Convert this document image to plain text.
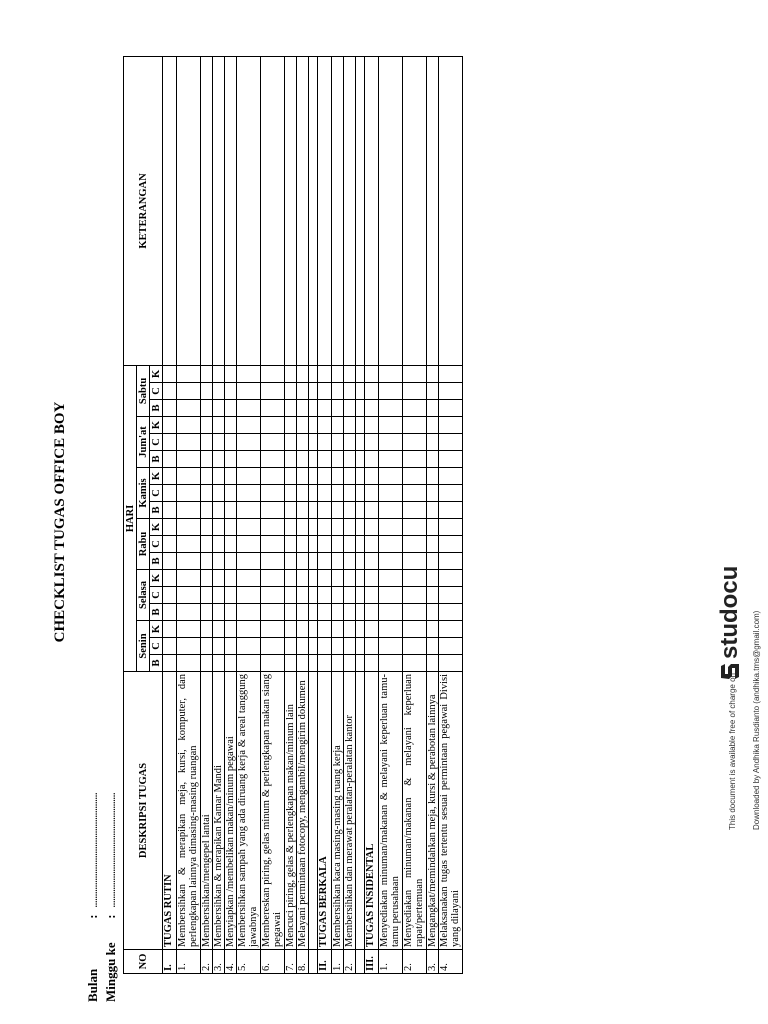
CHECKLIST TUGAS OFFICE BOY
Bulan :  ...................................................
Minggu ke :  ...................................................
NO	DESKRIPSI TUGAS	HARI																		KETERANGAN
		Senin			Selasa			Rabu			Kamis			Jum'at			Sabtu			
		B	C	K	B	C	K	B	C	K	B	C	K	B	C	K	B	C	K	
I.	TUGAS RUTIN																			
1.	Membersihkan & merapikan meja, kursi, komputer, dan perlengkapan lainnya dimasing-masing ruangan																			
2.	Membersihkan/mengepel lantai																			
3.	Membersihkan & merapikan Kamar Mandi																			
4.	Menyiapkan /membelikan makan/minum pegawai																			
5.	Membersihkan sampah yang ada diruang kerja & areal tanggung jawabnya																			
6.	Membereskan piring, gelas minum & perlengkapan makan siang pegawai																			
7.	Mencuci piring, gelas & perlengkapan makan/minum lain																			
8.	Melayani permintaan fotocopy, mengambil/mengirim dokumen																			

II.	TUGAS BERKALA																			
1.	Membersihkan kaca masing-masing ruang kerja																			
2.	Membersihkan dan merawat peralatan-peralatan kantor																			

III.	TUGAS INSIDENTAL																			
1.	Menyediakan minuman/makanan & melayani keperluan tamu-tamu perusahaan																			
2.	Menyediakan minuman/makanan & melayani keperluan rapat/pertemuan																			
3.	Mengangkat/memindahkan meja, kursi & perabotan lainnya																			
4.	Melaksanakan tugas tertentu sesuai permintaan pegawai Divisi yang dilayani																			
This document is available free of charge on
studocu Downloaded by Andhika Rusdianto (andhika.tms@gmail.com)
